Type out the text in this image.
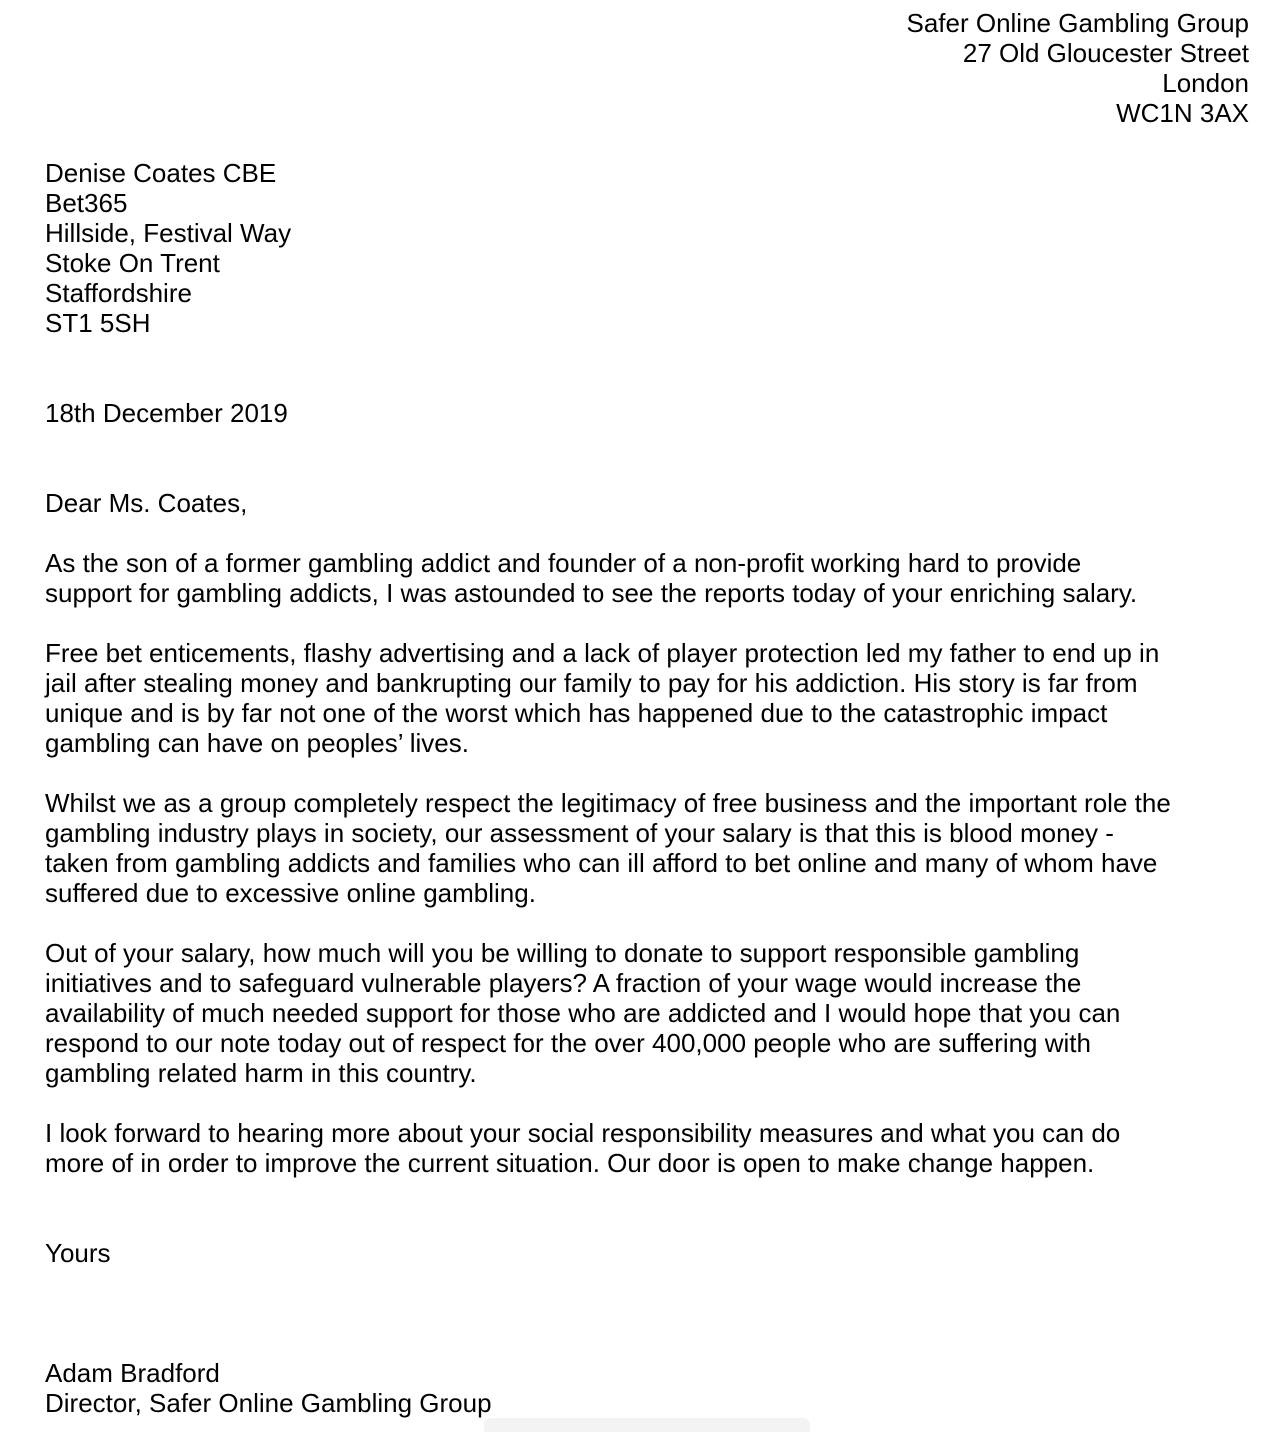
Safer Online Gambling Group
27 Old Gloucester Street
London
WC1N 3AX
Denise Coates CBE
Bet365
Hillside, Festival Way
Stoke On Trent
Staffordshire
ST1 5SH
18th December 2019
Dear Ms. Coates,
As the son of a former gambling addict and founder of a non-profit working hard to provide
support for gambling addicts, I was astounded to see the reports today of your enriching salary.
Free bet enticements, flashy advertising and a lack of player protection led my father to end up in
jail after stealing money and bankrupting our family to pay for his addiction. His story is far from
unique and is by far not one of the worst which has happened due to the catastrophic impact
gambling can have on peoples’ lives.
Whilst we as a group completely respect the legitimacy of free business and the important role the
gambling industry plays in society, our assessment of your salary is that this is blood money -
taken from gambling addicts and families who can ill afford to bet online and many of whom have
suffered due to excessive online gambling.
Out of your salary, how much will you be willing to donate to support responsible gambling
initiatives and to safeguard vulnerable players? A fraction of your wage would increase the
availability of much needed support for those who are addicted and I would hope that you can
respond to our note today out of respect for the over 400,000 people who are suffering with
gambling related harm in this country.
I look forward to hearing more about your social responsibility measures and what you can do
more of in order to improve the current situation. Our door is open to make change happen.
Yours
Adam Bradford
Director, Safer Online Gambling Group
